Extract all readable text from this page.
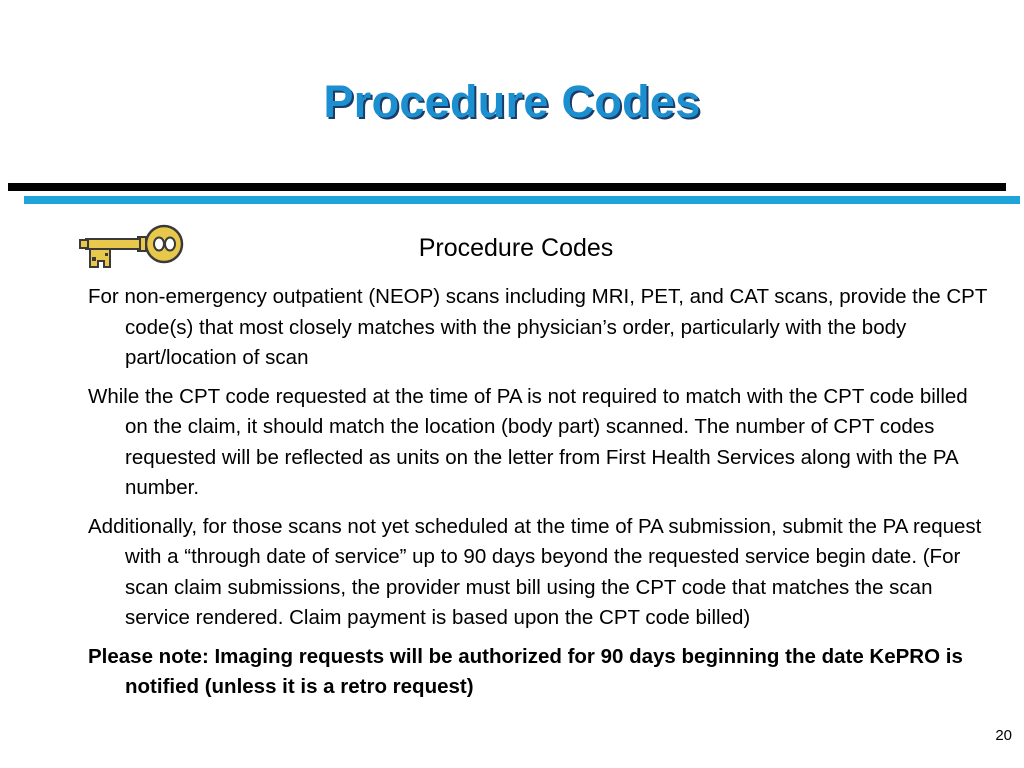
Procedure Codes
Procedure Codes

For non-emergency outpatient (NEOP) scans including MRI, PET, and CAT scans, provide the CPT code(s) that most closely matches with the physician’s order, particularly with the body part/location of scan

While the CPT code requested at the time of PA is not required to match with the CPT code billed on the claim, it should match the location (body part) scanned. The number of CPT codes requested will be reflected as units on the letter from First Health Services along with the PA number.

Additionally, for those scans not yet scheduled at the time of PA submission, submit the PA request with a “through date of service” up to 90 days beyond the requested service begin date. (For scan claim submissions, the provider must bill using the CPT code that matches the scan service rendered. Claim payment is based upon the CPT code billed)

Please note: Imaging requests will be authorized for 90 days beginning the date KePRO is notified (unless it is a retro request)

20
